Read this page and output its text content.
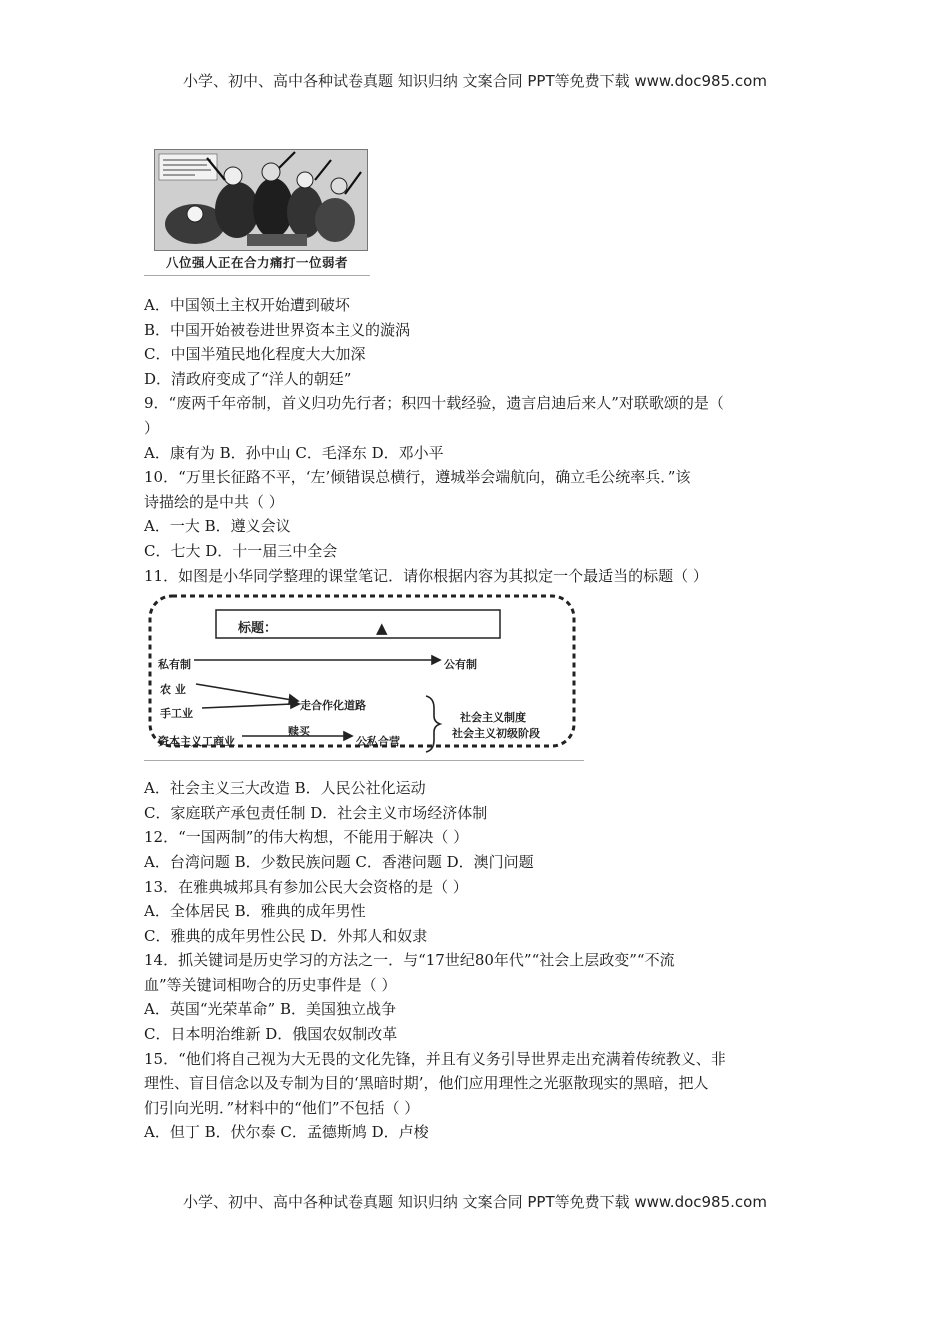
小学、初中、高中各种试卷真题 知识归纳 文案合同 PPT等免费下载 www.doc985.com
八位强人正在合力痛打一位弱者
A．中国领土主权开始遭到破坏
B．中国开始被卷进世界资本主义的漩涡
C．中国半殖民地化程度大大加深
D．清政府变成了“洋人的朝廷”
9．“废两千年帝制，首义归功先行者；积四十载经验，遗言启迪后来人”对联歌颂的是（
）
A．康有为 B．孙中山 C．毛泽东 D．邓小平
10．“万里长征路不平，‘左’倾错误总横行，遵城举会端航向，确立毛公统率兵．”该
诗描绘的是中共（ ）
A．一大 B．遵义会议
C．七大 D．十一届三中全会
11．如图是小华同学整理的课堂笔记．请你根据内容为其拟定一个最适当的标题（ ）
标题：	▲
私有制	公有制
农 业
走合作化道路
手工业	社会主义制度
社会主义初级阶段
赎买
资本主义工商业	公私合营
A．社会主义三大改造 B．人民公社化运动
C．家庭联产承包责任制 D．社会主义市场经济体制
12．“一国两制”的伟大构想，不能用于解决（ ）
A．台湾问题 B．少数民族问题 C．香港问题 D．澳门问题
13．在雅典城邦具有参加公民大会资格的是（ ）
A．全体居民 B．雅典的成年男性
C．雅典的成年男性公民 D．外邦人和奴隶
14．抓关键词是历史学习的方法之一．与“17世纪80年代”“社会上层政变”“不流
血”等关键词相吻合的历史事件是（ ）
A．英国“光荣革命” B．美国独立战争
C．日本明治维新 D．俄国农奴制改革
15．“他们将自己视为大无畏的文化先锋，并且有义务引导世界走出充满着传统教义、非
理性、盲目信念以及专制为目的‘黑暗时期’，他们应用理性之光驱散现实的黑暗，把人
们引向光明．”材料中的“他们”不包括（ ）
A．但丁 B．伏尔泰 C．孟德斯鸠 D．卢梭
小学、初中、高中各种试卷真题 知识归纳 文案合同 PPT等免费下载 www.doc985.com
